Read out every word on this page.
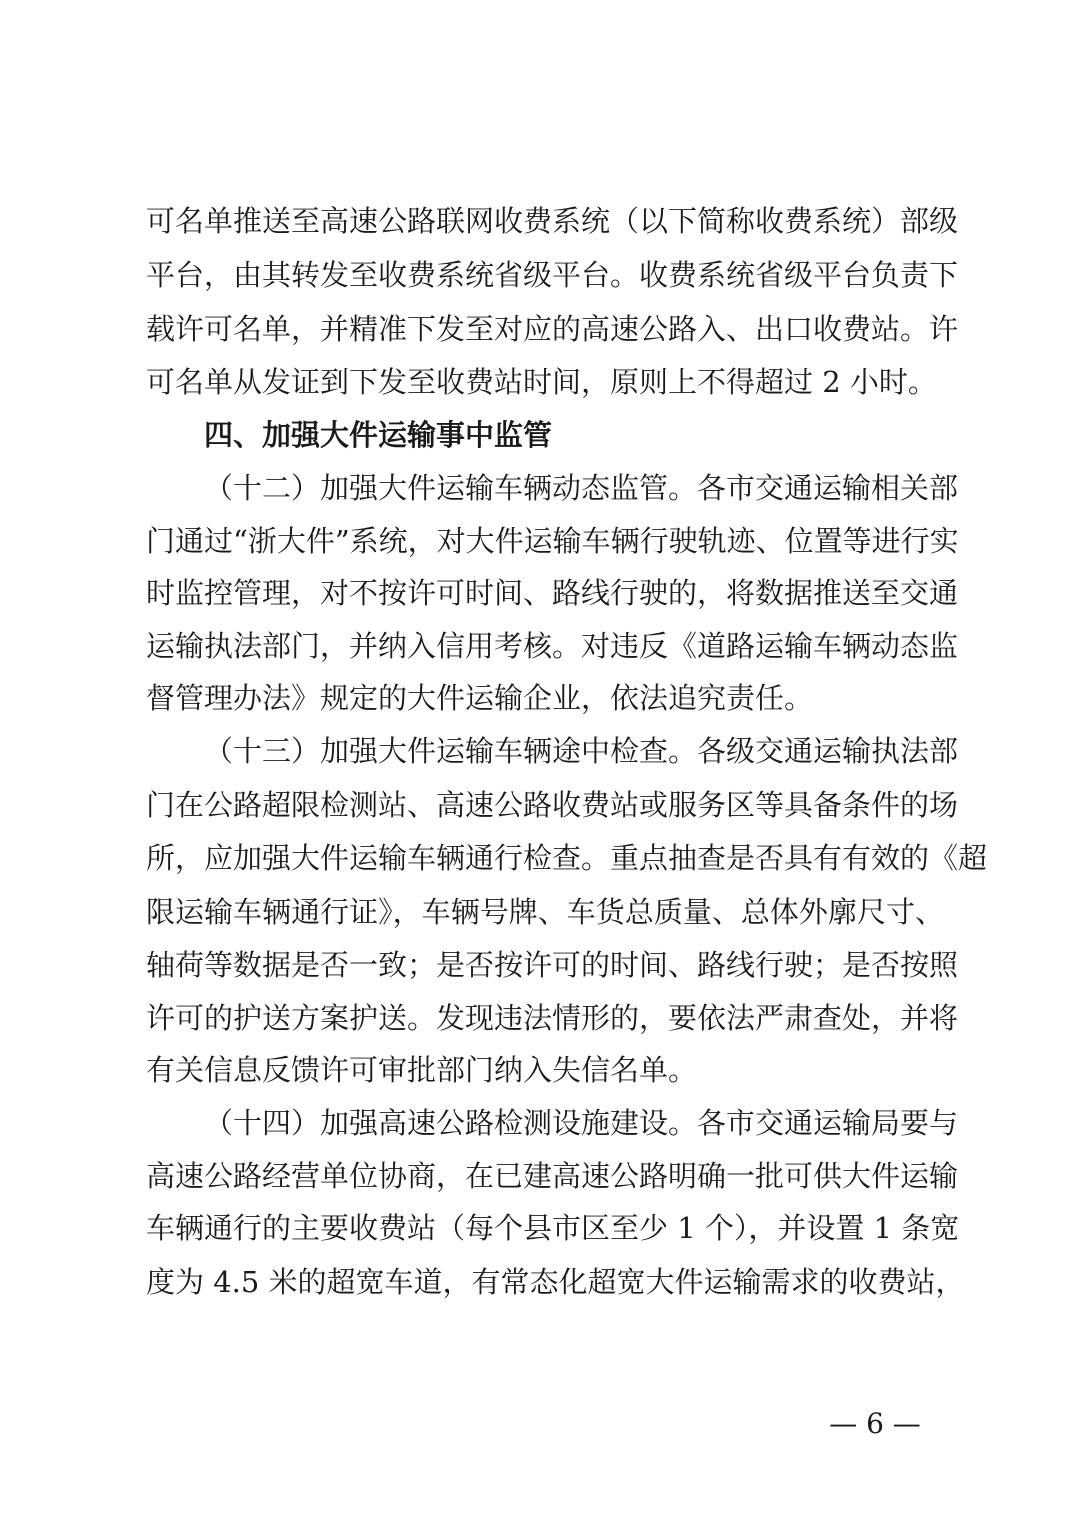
可名单推送至高速公路联网收费系统（以下简称收费系统）部级
平台，由其转发至收费系统省级平台。收费系统省级平台负责下
载许可名单，并精准下发至对应的高速公路入、出口收费站。许
可名单从发证到下发至收费站时间，原则上不得超过 2 小时。
四、加强大件运输事中监管
（十二）加强大件运输车辆动态监管。各市交通运输相关部
门通过“浙大件”系统，对大件运输车辆行驶轨迹、位置等进行实
时监控管理，对不按许可时间、路线行驶的，将数据推送至交通
运输执法部门，并纳入信用考核。对违反《道路运输车辆动态监
督管理办法》规定的大件运输企业，依法追究责任。
（十三）加强大件运输车辆途中检查。各级交通运输执法部
门在公路超限检测站、高速公路收费站或服务区等具备条件的场
所，应加强大件运输车辆通行检查。重点抽查是否具有有效的《超
限运输车辆通行证》，车辆号牌、车货总质量、总体外廓尺寸、
轴荷等数据是否一致；是否按许可的时间、路线行驶；是否按照
许可的护送方案护送。发现违法情形的，要依法严肃查处，并将
有关信息反馈许可审批部门纳入失信名单。
（十四）加强高速公路检测设施建设。各市交通运输局要与
高速公路经营单位协商，在已建高速公路明确一批可供大件运输
车辆通行的主要收费站（每个县市区至少 1 个），并设置 1 条宽
度为 4.5 米的超宽车道，有常态化超宽大件运输需求的收费站，
— 6 —
